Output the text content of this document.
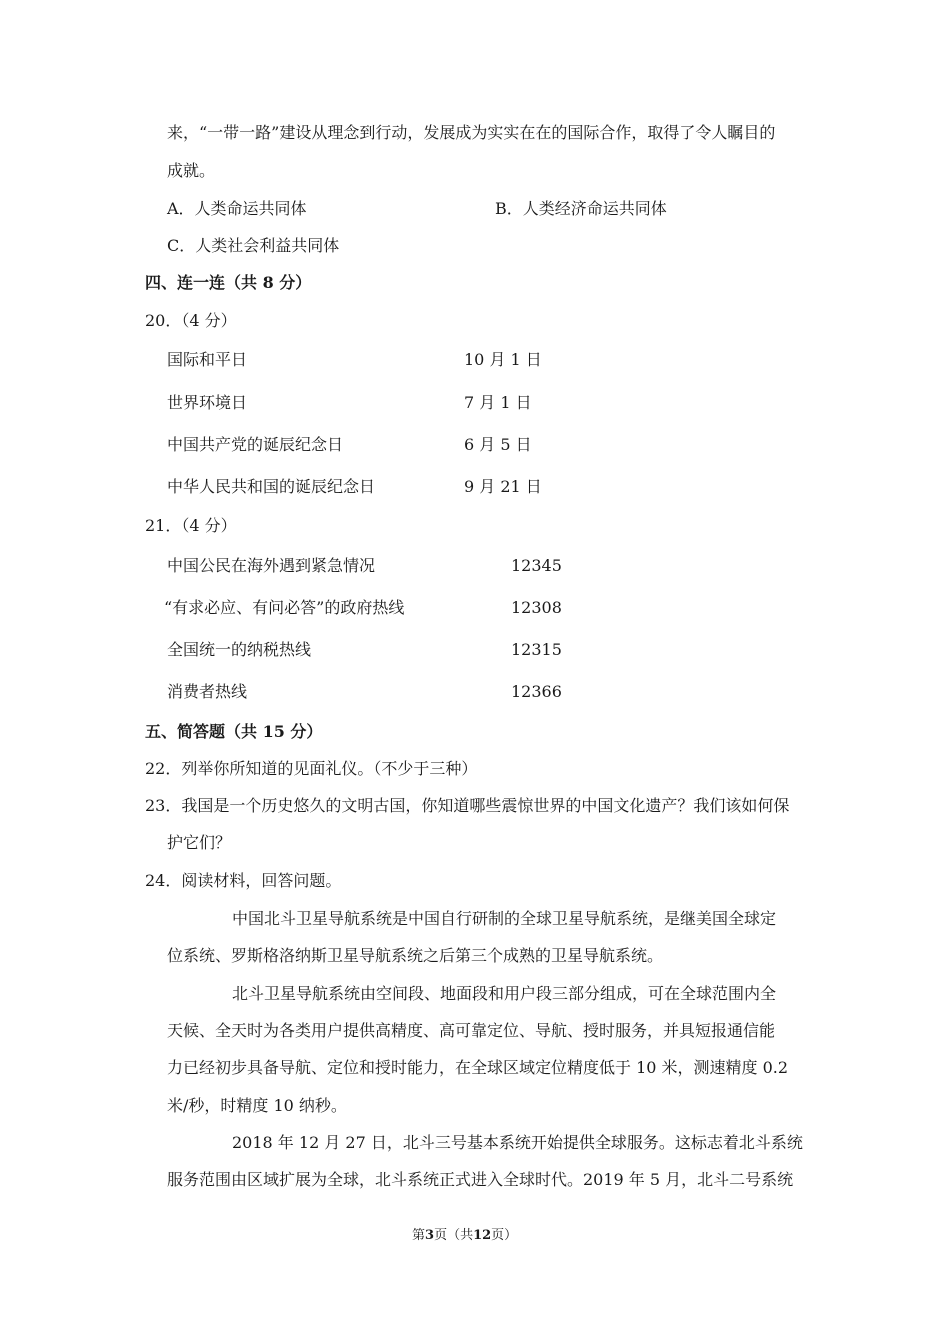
来，“一带一路”建设从理念到行动，发展成为实实在在的国际合作，取得了令人瞩目的
成就。
A．人类命运共同体	B．人类经济命运共同体
C．人类社会利益共同体
四、连一连（共 8 分）
20．（4 分）
国际和平日	10 月 1 日
世界环境日	7 月 1 日
中国共产党的诞辰纪念日	6 月 5 日
中华人民共和国的诞辰纪念日	9 月 21 日
21．（4 分）
中国公民在海外遇到紧急情况	12345
“有求必应、有问必答”的政府热线	12308
全国统一的纳税热线	12315
消费者热线	12366
五、简答题（共 15 分）
22．列举你所知道的见面礼仪。（不少于三种）
23．我国是一个历史悠久的文明古国，你知道哪些震惊世界的中国文化遗产？我们该如何保
护它们？
24．阅读材料，回答问题。
中国北斗卫星导航系统是中国自行研制的全球卫星导航系统，是继美国全球定
位系统、罗斯格洛纳斯卫星导航系统之后第三个成熟的卫星导航系统。
北斗卫星导航系统由空间段、地面段和用户段三部分组成，可在全球范围内全
天候、全天时为各类用户提供高精度、高可靠定位、导航、授时服务，并具短报通信能
力已经初步具备导航、定位和授时能力，在全球区域定位精度低于 10 米，测速精度 0.2
米/秒，时精度 10 纳秒。
2018 年 12 月 27 日，北斗三号基本系统开始提供全球服务。这标志着北斗系统
服务范围由区域扩展为全球，北斗系统正式进入全球时代。2019 年 5 月，北斗二号系统
第3页（共12页）
